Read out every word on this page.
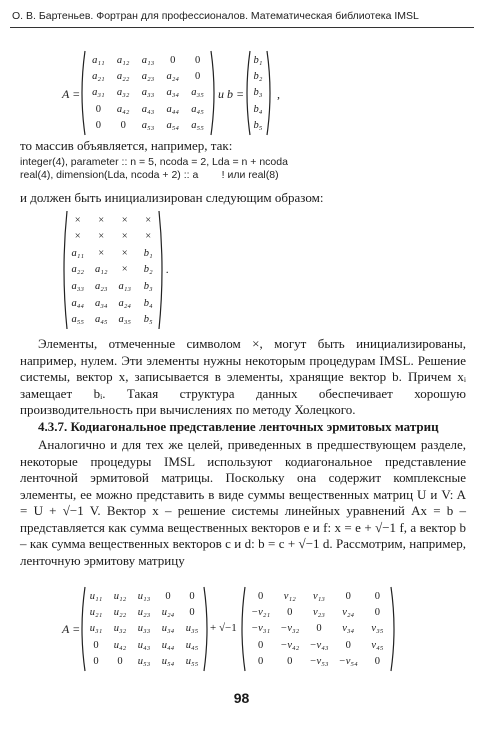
О. В. Бартеньев. Фортран для профессионалов. Математическая библиотека IMSL
A =
a₁₁ a₁₂ a₁₃ 0 0
a₂₁ a₂₂ a₂₃ a₂₄ 0
a₃₁ a₃₂ a₃₃ a₃₄ a₃₅
0 a₄₂ a₄₃ a₄₄ a₄₅
0 0 a₅₃ a₅₄ a₅₅
и b =
b₁
b₂
b₃
b₄
b₅
,
то массив объявляется, например, так:
integer(4), parameter :: n = 5, ncoda = 2, Lda = n + ncoda
real(4), dimension(Lda, ncoda + 2) :: a        ! или real(8)
и должен быть инициализирован следующим образом:
× × × ×
× × × ×
a₁₁ × × b₁
a₂₂ a₁₂ × b₂
a₃₃ a₂₃ a₁₃ b₃
a₄₄ a₃₄ a₂₄ b₄
a₅₅ a₄₅ a₃₅ b₅
.
Элементы, отмеченные символом ×, могут быть инициализированы, например, нулем. Эти элементы нужны некоторым процедурам IMSL. Решение системы, вектор x, записывается в элементы, хранящие вектор b. Причем xᵢ замещает bᵢ. Такая структура данных обеспечивает хорошую производительность при вычислениях по методу Холецкого.
4.3.7. Кодиагональное представление ленточных эрмитовых матриц
Аналогично и для тех же целей, приведенных в предшествующем разделе, некоторые процедуры IMSL используют кодиагональное представление ленточной эрмитовой матрицы. Поскольку она содержит комплексные элементы, ее можно представить в виде суммы вещественных матриц U и V: A = U + √−1 V. Вектор x – решение системы линейных уравнений Ax = b – представляется как сумма вещественных векторов e и f: x = e + √−1 f, а вектор b – как сумма вещественных векторов c и d: b = c + √−1 d. Рассмотрим, например, ленточную эрмитову матрицу
A =
u₁₁ u₁₂ u₁₃ 0 0
u₂₁ u₂₂ u₂₃ u₂₄ 0
u₃₁ u₃₂ u₃₃ u₃₄ u₃₅
0 u₄₂ u₄₃ u₄₄ u₄₅
0 0 u₅₃ u₅₄ u₅₅
+ √−1
0 v₁₂ v₁₃ 0 0
−v₂₁ 0 v₂₃ v₂₄ 0
−v₃₁ −v₃₂ 0 v₃₄ v₃₅
0 −v₄₂ −v₄₃ 0 v₄₅
0 0 −v₅₃ −v₅₄ 0
98
